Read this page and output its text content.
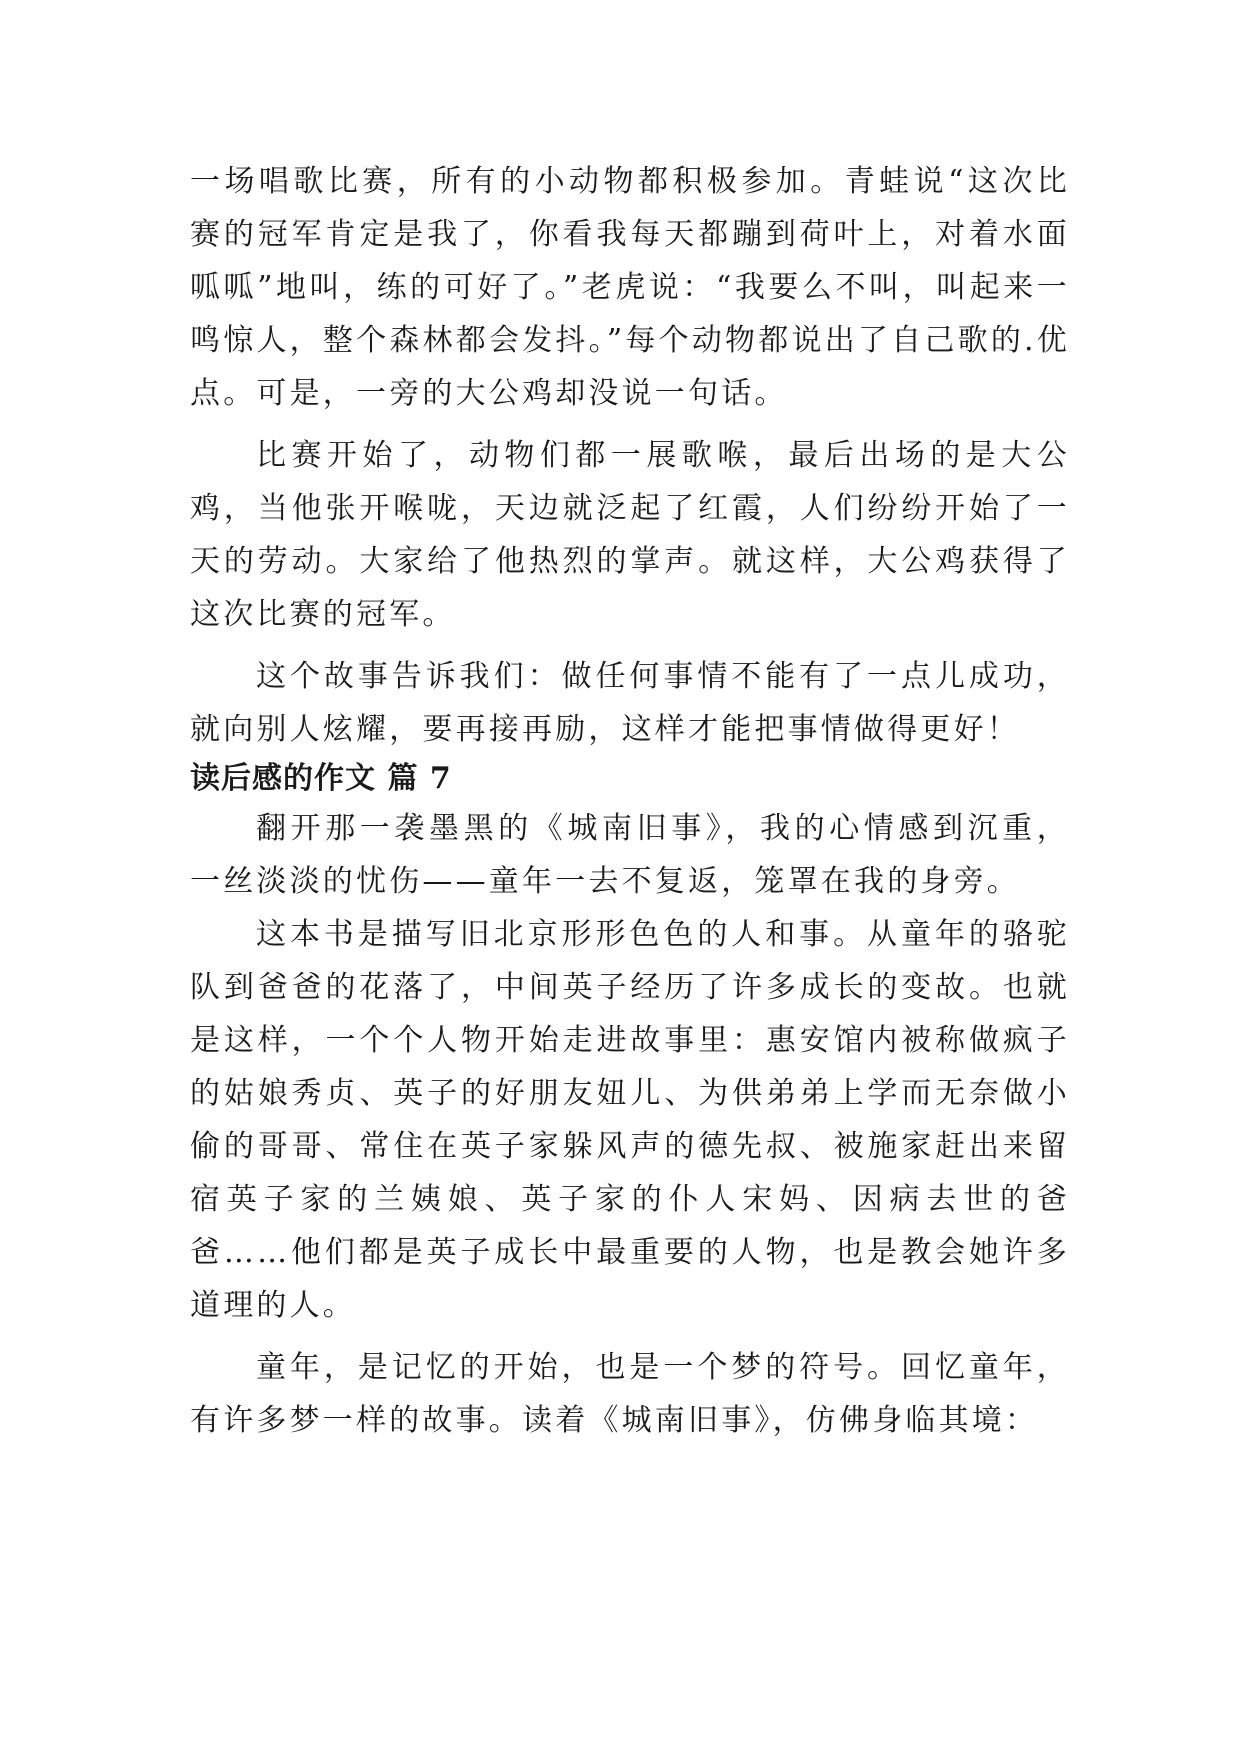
一场唱歌比赛，所有的小动物都积极参加。青蛙说“这次比赛的冠军肯定是我了，你看我每天都蹦到荷叶上，对着水面呱呱”地叫，练的可好了。”老虎说：“我要么不叫，叫起来一鸣惊人，整个森林都会发抖。”每个动物都说出了自己歌的.优点。可是，一旁的大公鸡却没说一句话。

比赛开始了，动物们都一展歌喉，最后出场的是大公鸡，当他张开喉咙，天边就泛起了红霞，人们纷纷开始了一天的劳动。大家给了他热烈的掌声。就这样，大公鸡获得了这次比赛的冠军。

这个故事告诉我们：做任何事情不能有了一点儿成功，就向别人炫耀，要再接再励，这样才能把事情做得更好！

读后感的作文 篇 7

翻开那一袭墨黑的《城南旧事》，我的心情感到沉重，一丝淡淡的忧伤——童年一去不复返，笼罩在我的身旁。

这本书是描写旧北京形形色色的人和事。从童年的骆驼队到爸爸的花落了，中间英子经历了许多成长的变故。也就是这样，一个个人物开始走进故事里：惠安馆内被称做疯子的姑娘秀贞、英子的好朋友妞儿、为供弟弟上学而无奈做小偷的哥哥、常住在英子家躲风声的德先叔、被施家赶出来留宿英子家的兰姨娘、英子家的仆人宋妈、因病去世的爸爸……他们都是英子成长中最重要的人物，也是教会她许多道理的人。

童年，是记忆的开始，也是一个梦的符号。回忆童年，有许多梦一样的故事。读着《城南旧事》，仿佛身临其境：
